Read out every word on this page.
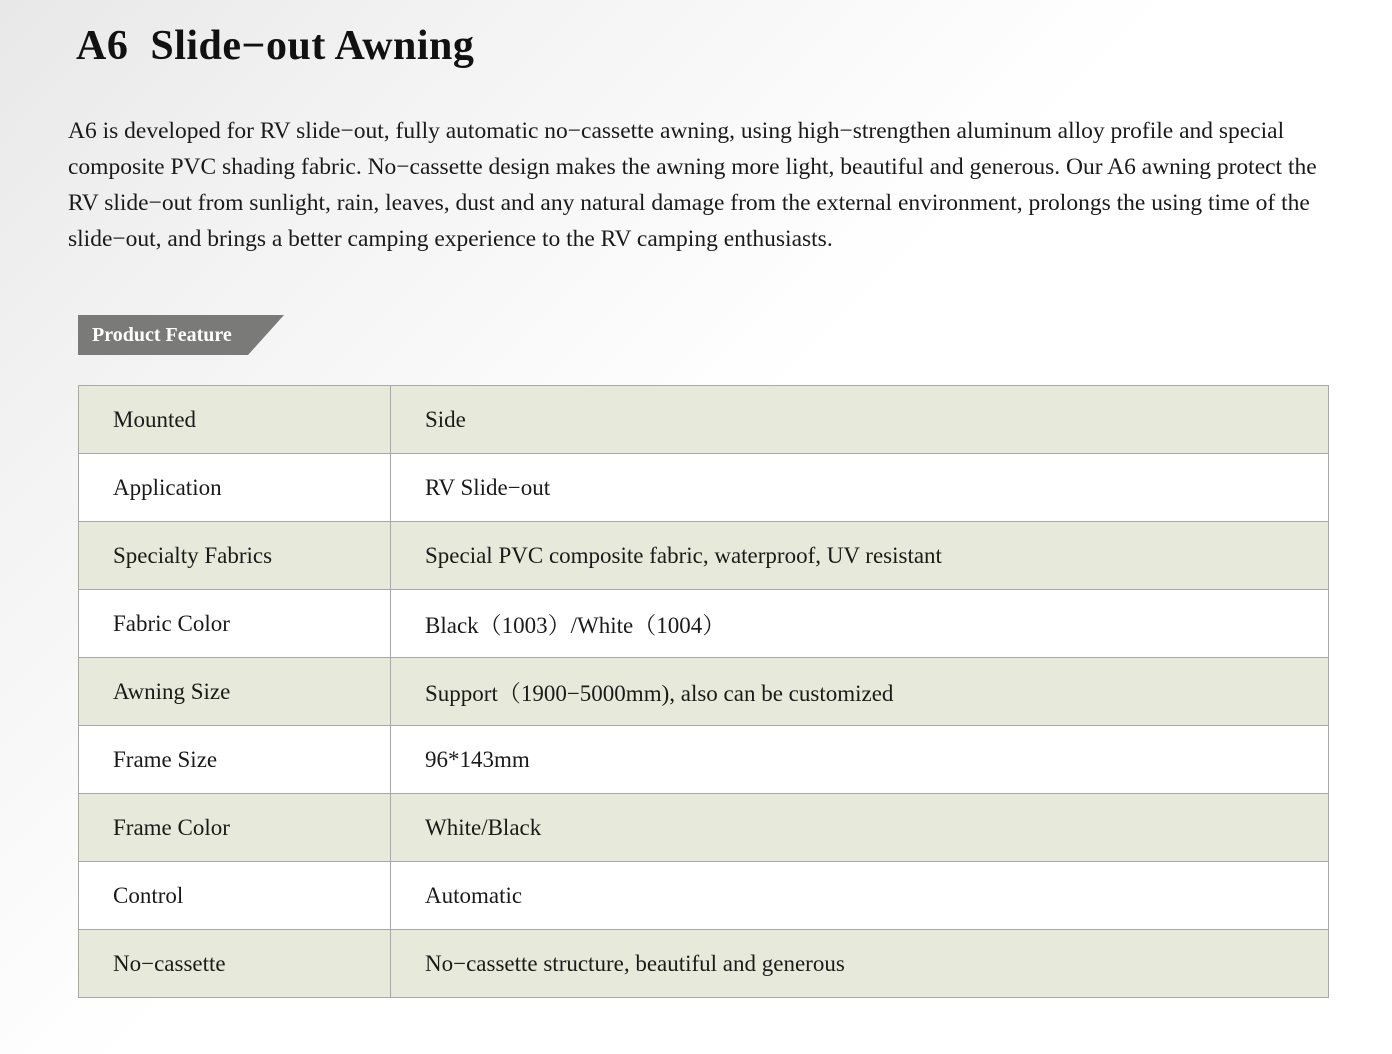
A6  Slide−out Awning
A6 is developed for RV slide−out, fully automatic no−cassette awning, using high−strengthen aluminum alloy profile and special composite PVC shading fabric. No−cassette design makes the awning more light, beautiful and generous. Our A6 awning protect the RV slide−out from sunlight, rain, leaves, dust and any natural damage from the external environment, prolongs the using time of the slide−out, and brings a better camping experience to the RV camping enthusiasts.
Product Feature
Mounted	Side
Application	RV Slide−out
Specialty Fabrics	Special PVC composite fabric, waterproof, UV resistant
Fabric Color	Black（1003）/White（1004）
Awning Size	Support（1900−5000mm), also can be customized
Frame Size	96*143mm
Frame Color	White/Black
Control	Automatic
No−cassette	No−cassette structure, beautiful and generous
